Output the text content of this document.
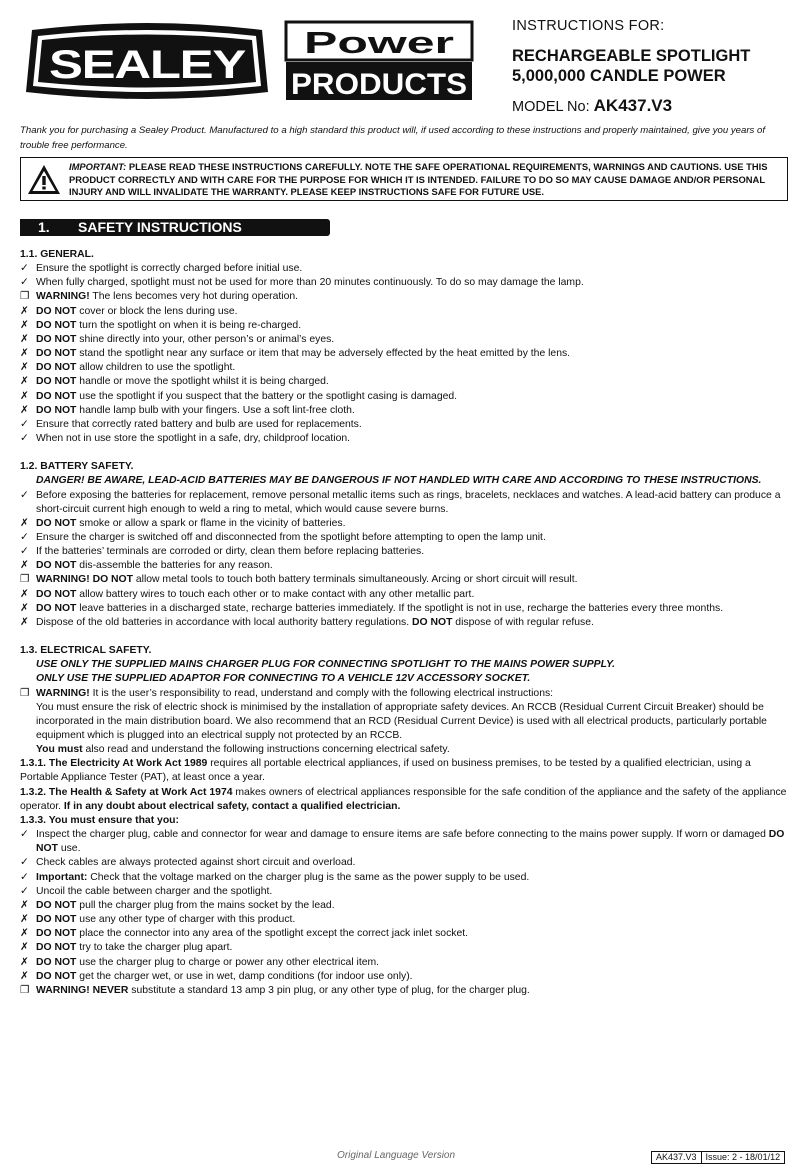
SEALEY
Power
PRODUCTS

INSTRUCTIONS FOR:

RECHARGEABLE SPOTLIGHT

5,000,000 CANDLE POWER

MODEL No: AK437.V3

Thank you for purchasing a Sealey Product. Manufactured to a high standard this product will, if used according to these instructions and properly maintained, give you years of trouble free performance.

IMPORTANT: PLEASE READ THESE INSTRUCTIONS CAREFULLY. NOTE THE SAFE OPERATIONAL REQUIREMENTS, WARNINGS AND CAUTIONS. USE THIS PRODUCT CORRECTLY AND WITH CARE FOR THE PURPOSE FOR WHICH IT IS INTENDED. FAILURE TO DO SO MAY CAUSE DAMAGE AND/OR PERSONAL INJURY AND WILL INVALIDATE THE WARRANTY. PLEASE KEEP INSTRUCTIONS SAFE FOR FUTURE USE.

1. SAFETY INSTRUCTIONS

1.1. GENERAL.

✓ Ensure the spotlight is correctly charged before initial use.
✓ When fully charged, spotlight must not be used for more than 20 minutes continuously. To do so may damage the lamp.
❐ WARNING! The lens becomes very hot during operation.
✗ DO NOT cover or block the lens during use.
✗ DO NOT turn the spotlight on when it is being re-charged.
✗ DO NOT shine directly into your, other person’s or animal’s eyes.
✗ DO NOT stand the spotlight near any surface or item that may be adversely effected by the heat emitted by the lens.
✗ DO NOT allow children to use the spotlight.
✗ DO NOT handle or move the spotlight whilst it is being charged.
✗ DO NOT use the spotlight if you suspect that the battery or the spotlight casing is damaged.
✗ DO NOT handle lamp bulb with your fingers. Use a soft lint-free cloth.
✓ Ensure that correctly rated battery and bulb are used for replacements.
✓ When not in use store the spotlight in a safe, dry, childproof location.

1.2. BATTERY SAFETY.

DANGER! BE AWARE, LEAD-ACID BATTERIES MAY BE DANGEROUS IF NOT HANDLED WITH CARE AND ACCORDING TO THESE INSTRUCTIONS.

✓ Before exposing the batteries for replacement, remove personal metallic items such as rings, bracelets, necklaces and watches. A lead-acid battery can produce a short-circuit current high enough to weld a ring to metal, which would cause severe burns.
✗ DO NOT smoke or allow a spark or flame in the vicinity of batteries.
✓ Ensure the charger is switched off and disconnected from the spotlight before attempting to open the lamp unit.
✓ If the batteries’ terminals are corroded or dirty, clean them before replacing batteries.
✗ DO NOT dis-assemble the batteries for any reason.
❐ WARNING! DO NOT allow metal tools to touch both battery terminals simultaneously. Arcing or short circuit will result.
✗ DO NOT allow battery wires to touch each other or to make contact with any other metallic part.
✗ DO NOT leave batteries in a discharged state, recharge batteries immediately. If the spotlight is not in use, recharge the batteries every three months.
✗ Dispose of the old batteries in accordance with local authority battery regulations. DO NOT dispose of with regular refuse.

1.3. ELECTRICAL SAFETY.

USE ONLY THE SUPPLIED MAINS CHARGER PLUG FOR CONNECTING SPOTLIGHT TO THE MAINS POWER SUPPLY.

ONLY USE THE SUPPLIED ADAPTOR FOR CONNECTING TO A VEHICLE 12V ACCESSORY SOCKET.

❐ WARNING! It is the user’s responsibility to read, understand and comply with the following electrical instructions:

You must ensure the risk of electric shock is minimised by the installation of appropriate safety devices. An RCCB (Residual Current Circuit Breaker) should be incorporated in the main distribution board. We also recommend that an RCD (Residual Current Device) is used with all electrical products, particularly portable equipment which is plugged into an electrical supply not protected by an RCCB.

You must also read and understand the following instructions concerning electrical safety.

1.3.1. The Electricity At Work Act 1989 requires all portable electrical appliances, if used on business premises, to be tested by a qualified electrician, using a Portable Appliance Tester (PAT), at least once a year.

1.3.2. The Health & Safety at Work Act 1974 makes owners of electrical appliances responsible for the safe condition of the appliance and the safety of the appliance operator. If in any doubt about electrical safety, contact a qualified electrician.

1.3.3. You must ensure that you:

✓ Inspect the charger plug, cable and connector for wear and damage to ensure items are safe before connecting to the mains power supply. If worn or damaged DO NOT use.
✓ Check cables are always protected against short circuit and overload.
✓ Important: Check that the voltage marked on the charger plug is the same as the power supply to be used.
✓ Uncoil the cable between charger and the spotlight.
✗ DO NOT pull the charger plug from the mains socket by the lead.
✗ DO NOT use any other type of charger with this product.
✗ DO NOT place the connector into any area of the spotlight except the correct jack inlet socket.
✗ DO NOT try to take the charger plug apart.
✗ DO NOT use the charger plug to charge or power any other electrical item.
✗ DO NOT get the charger wet, or use in wet, damp conditions (for indoor use only).
❐ WARNING! NEVER substitute a standard 13 amp 3 pin plug, or any other type of plug, for the charger plug.
Original Language Version	AK437.V3	Issue: 2 - 18/01/12
